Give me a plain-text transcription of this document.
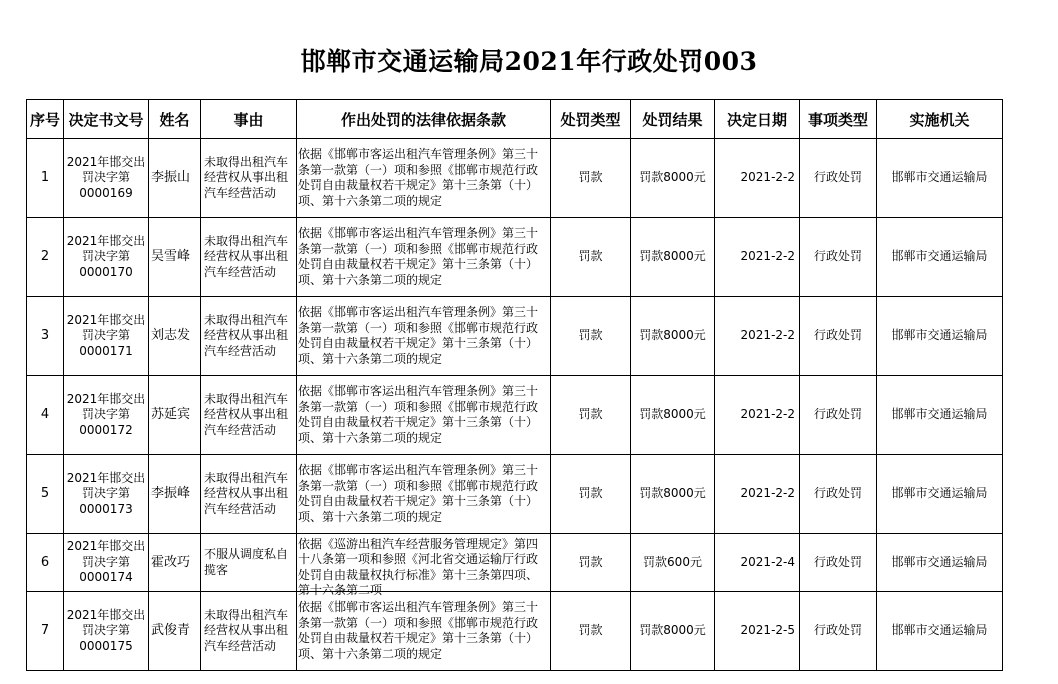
邯郸市交通运输局2021年行政处罚003
序号	决定书文号	姓名	事由	作出处罚的法律依据条款	处罚类型	处罚结果	决定日期	事项类型	实施机关
1	2021年邯交出罚决字第0000169	李振山	未取得出租汽车经营权从事出租汽车经营活动	依据《邯郸市客运出租汽车管理条例》第三十条第一款第（一）项和参照《邯郸市规范行政处罚自由裁量权若干规定》第十三条第（十）项、第十六条第二项的规定	罚款	罚款8000元	2021-2-2	行政处罚	邯郸市交通运输局
2	2021年邯交出罚决字第0000170	吴雪峰	未取得出租汽车经营权从事出租汽车经营活动	依据《邯郸市客运出租汽车管理条例》第三十条第一款第（一）项和参照《邯郸市规范行政处罚自由裁量权若干规定》第十三条第（十）项、第十六条第二项的规定	罚款	罚款8000元	2021-2-2	行政处罚	邯郸市交通运输局
3	2021年邯交出罚决字第0000171	刘志发	未取得出租汽车经营权从事出租汽车经营活动	依据《邯郸市客运出租汽车管理条例》第三十条第一款第（一）项和参照《邯郸市规范行政处罚自由裁量权若干规定》第十三条第（十）项、第十六条第二项的规定	罚款	罚款8000元	2021-2-2	行政处罚	邯郸市交通运输局
4	2021年邯交出罚决字第0000172	苏延宾	未取得出租汽车经营权从事出租汽车经营活动	依据《邯郸市客运出租汽车管理条例》第三十条第一款第（一）项和参照《邯郸市规范行政处罚自由裁量权若干规定》第十三条第（十）项、第十六条第二项的规定	罚款	罚款8000元	2021-2-2	行政处罚	邯郸市交通运输局
5	2021年邯交出罚决字第0000173	李振峰	未取得出租汽车经营权从事出租汽车经营活动	依据《邯郸市客运出租汽车管理条例》第三十条第一款第（一）项和参照《邯郸市规范行政处罚自由裁量权若干规定》第十三条第（十）项、第十六条第二项的规定	罚款	罚款8000元	2021-2-2	行政处罚	邯郸市交通运输局
6	2021年邯交出罚决字第0000174	霍改巧	不服从调度私自揽客	依据《巡游出租汽车经营服务管理规定》第四十八条第一项和参照《河北省交通运输厅行政处罚自由裁量权执行标准》第十三条第四项、第十六条第二项	罚款	罚款600元	2021-2-4	行政处罚	邯郸市交通运输局
7	2021年邯交出罚决字第0000175	武俊青	未取得出租汽车经营权从事出租汽车经营活动	依据《邯郸市客运出租汽车管理条例》第三十条第一款第（一）项和参照《邯郸市规范行政处罚自由裁量权若干规定》第十三条第（十）项、第十六条第二项的规定	罚款	罚款8000元	2021-2-5	行政处罚	邯郸市交通运输局
